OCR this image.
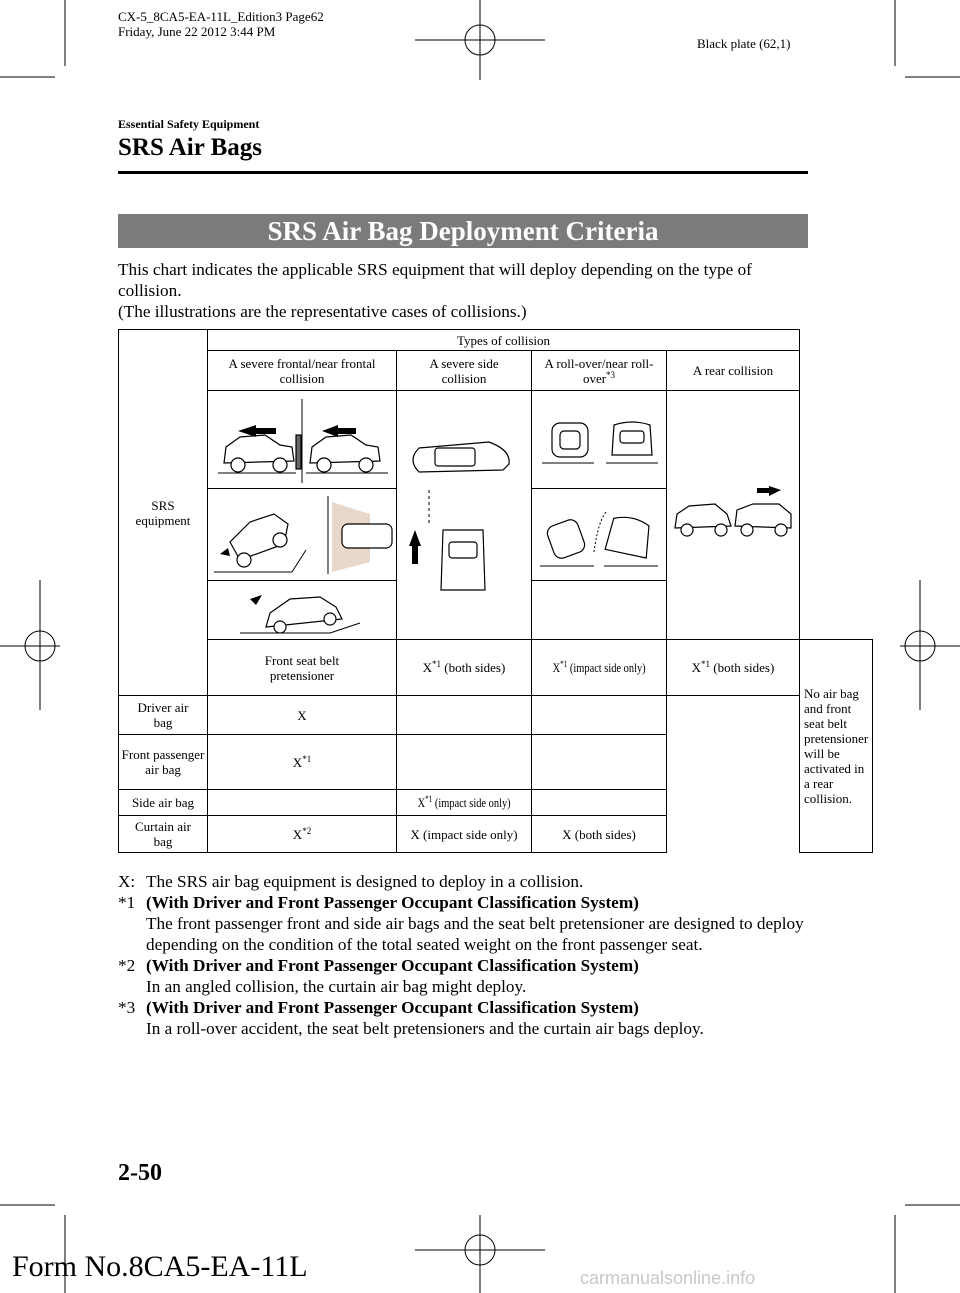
CX-5_8CA5-EA-11L_Edition3 Page62
Friday, June 22 2012 3:44 PM
Black plate (62,1)
Essential Safety Equipment
SRS Air Bags
SRS Air Bag Deployment Criteria
This chart indicates the applicable SRS equipment that will deploy depending on the type of collision.
(The illustrations are the representative cases of collisions.)
SRS equipment	Types of collision				
	A severe frontal/near frontal collision	A severe side collision	A roll-over/near roll-over$^{*3}$	A rear collision	

	Front seat belt pretensioner	$X^{*1}$ (both sides)	$X^{*1}$ (impact side only)	$X^{*1}$ (both sides)	No air bag and front seat belt pretensioner will be activated in a rear collision.
Driver air bag	X				
Front passenger air bag	$X^{*1}$		
Side air bag		$X^{*1}$ (impact side only)			
Curtain air bag	$X^{*2}$	X (impact side only)	X (both sides)		
X: The SRS air bag equipment is designed to deploy in a collision.
*1 (With Driver and Front Passenger Occupant Classification System)
The front passenger front and side air bags and the seat belt pretensioner are designed to deploy depending on the condition of the total seated weight on the front passenger seat.
*2 (With Driver and Front Passenger Occupant Classification System)
In an angled collision, the curtain air bag might deploy.
*3 (With Driver and Front Passenger Occupant Classification System)
In a roll-over accident, the seat belt pretensioners and the curtain air bags deploy.
2-50
Form No.8CA5-EA-11L	carmanualsonline.info
